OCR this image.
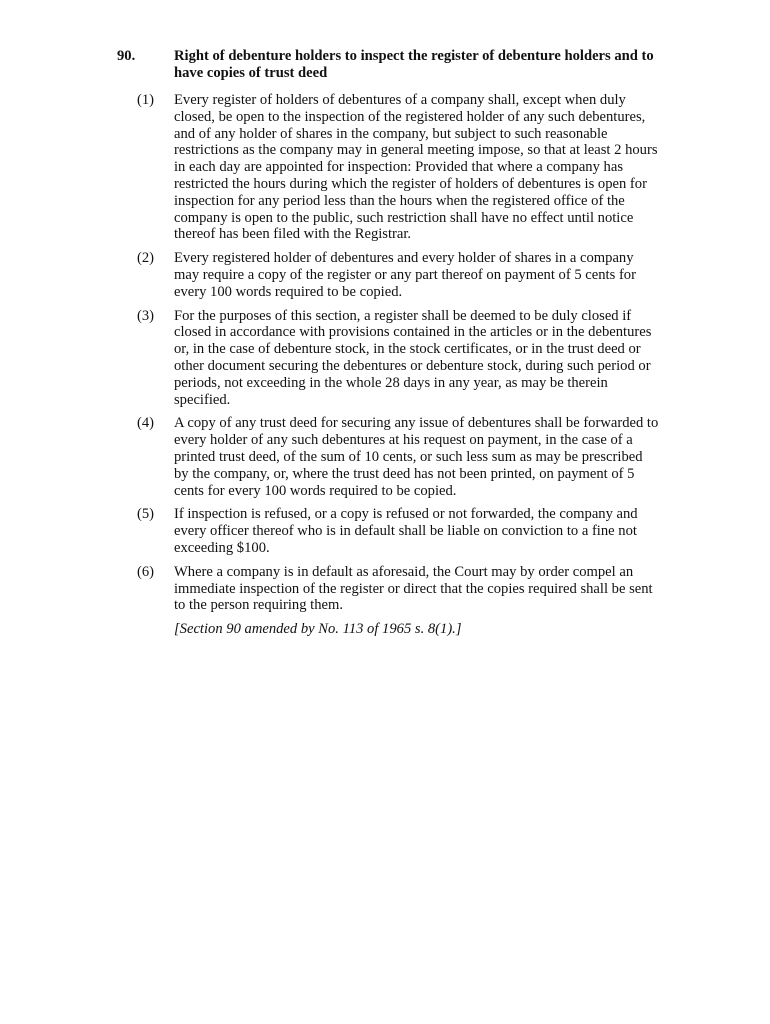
90.	Right of debenture holders to inspect the register of debenture holders and to have copies of trust deed
(1) Every register of holders of debentures of a company shall, except when duly closed, be open to the inspection of the registered holder of any such debentures, and of any holder of shares in the company, but subject to such reasonable restrictions as the company may in general meeting impose, so that at least 2 hours in each day are appointed for inspection: Provided that where a company has restricted the hours during which the register of holders of debentures is open for inspection for any period less than the hours when the registered office of the company is open to the public, such restriction shall have no effect until notice thereof has been filed with the Registrar.
(2) Every registered holder of debentures and every holder of shares in a company may require a copy of the register or any part thereof on payment of 5 cents for every 100 words required to be copied.
(3) For the purposes of this section, a register shall be deemed to be duly closed if closed in accordance with provisions contained in the articles or in the debentures or, in the case of debenture stock, in the stock certificates, or in the trust deed or other document securing the debentures or debenture stock, during such period or periods, not exceeding in the whole 28 days in any year, as may be therein specified.
(4) A copy of any trust deed for securing any issue of debentures shall be forwarded to every holder of any such debentures at his request on payment, in the case of a printed trust deed, of the sum of 10 cents, or such less sum as may be prescribed by the company, or, where the trust deed has not been printed, on payment of 5 cents for every 100 words required to be copied.
(5) If inspection is refused, or a copy is refused or not forwarded, the company and every officer thereof who is in default shall be liable on conviction to a fine not exceeding $100.
(6) Where a company is in default as aforesaid, the Court may by order compel an immediate inspection of the register or direct that the copies required shall be sent to the person requiring them.
[Section 90 amended by No. 113 of 1965 s. 8(1).]
